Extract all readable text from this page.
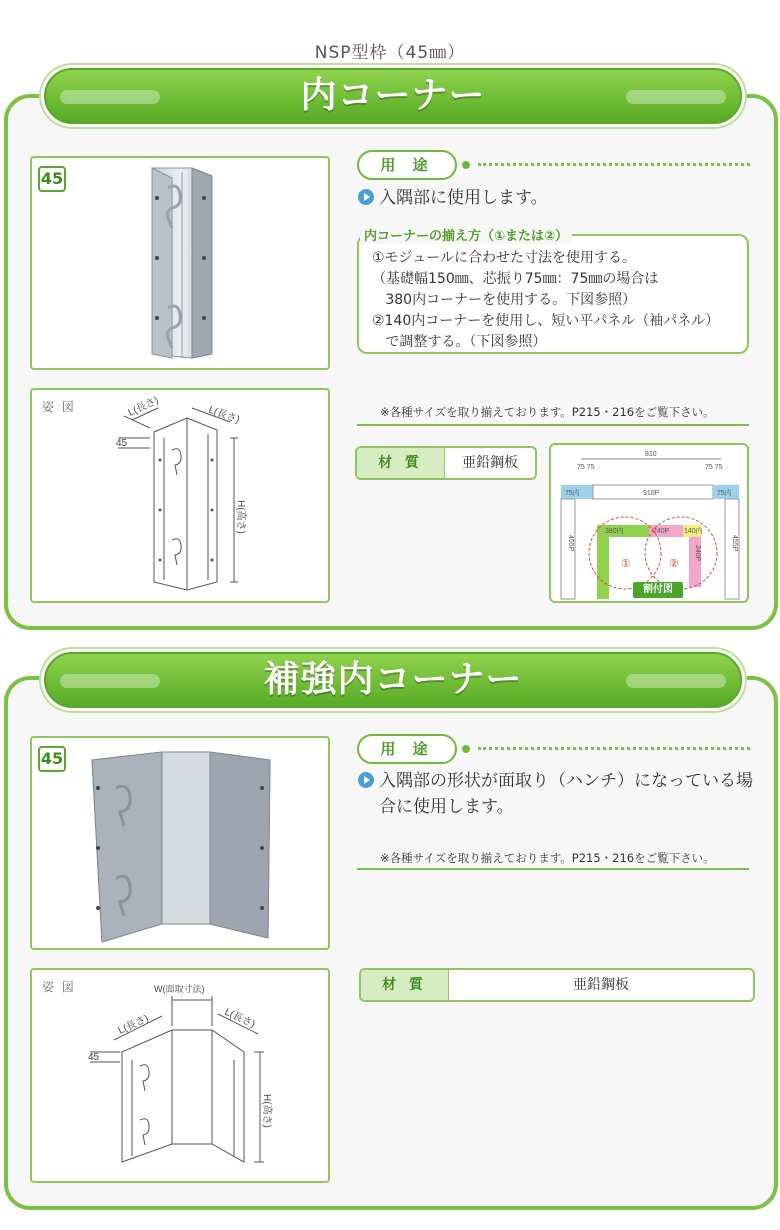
NSP型枠（45㎜）
内コーナー
45
姿 図	L(長さ)	L(長さ)
45
H(高さ)
用 途
入隅部に使用します。
内コーナーの揃え方（①または②）
①モジュールに合わせた寸法を使用する。
（基礎幅150㎜、芯振り75㎜：75㎜の場合は
380内コーナーを使用する。下図参照）
②140内コーナーを使用し、短い平パネル（袖パネル）
で調整する。（下図参照）
※各種サイズを取り揃えております。P215・216をご覧下さい。
材 質	亜鉛鋼板
810
75 75	75 75
75内	910P	75内
380内	240P 140内
240P
455P	455P
①	②
割付図
補強内コーナー
45
姿 図	W(面取寸法)
L(長さ)	L(長さ)
45
H(高さ)
用 途
入隅部の形状が面取り（ハンチ）になっている場
合に使用します。
※各種サイズを取り揃えております。P215・216をご覧下さい。
材 質	亜鉛鋼板
